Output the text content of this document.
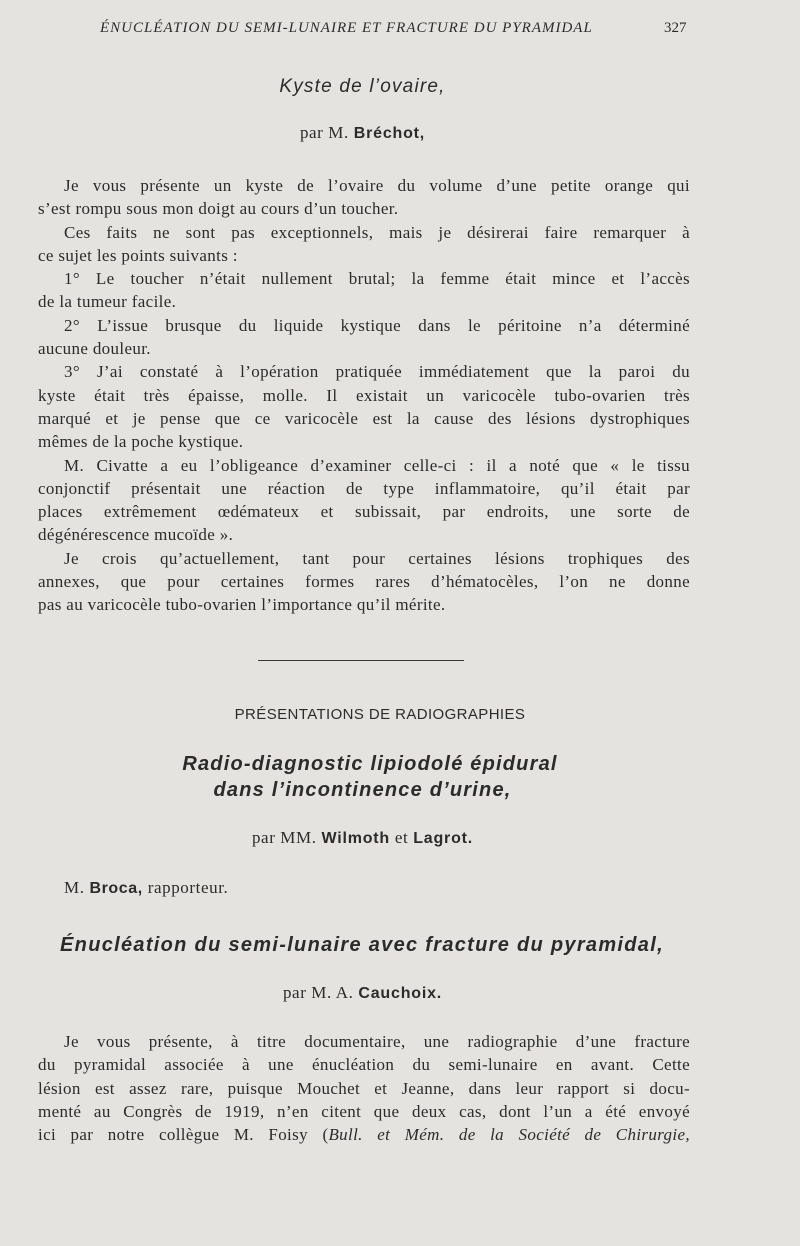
ÉNUCLÉATION DU SEMI-LUNAIRE ET FRACTURE DU PYRAMIDAL	327
Kyste de l’ovaire,
par M. Bréchot,
Je vous présente un kyste de l’ovaire du volume d’une petite orange qui
s’est rompu sous mon doigt au cours d’un toucher.
Ces faits ne sont pas exceptionnels, mais je désirerai faire remarquer à
ce sujet les points suivants :
1° Le toucher n’était nullement brutal; la femme était mince et l’accès
de la tumeur facile.
2° L’issue brusque du liquide kystique dans le péritoine n’a déterminé
aucune douleur.
3° J’ai constaté à l’opération pratiquée immédiatement que la paroi du
kyste était très épaisse, molle. Il existait un varicocèle tubo-ovarien très
marqué et je pense que ce varicocèle est la cause des lésions dystrophiques
mêmes de la poche kystique.
M. Civatte a eu l’obligeance d’examiner celle-ci : il a noté que « le tissu
conjonctif présentait une réaction de type inflammatoire, qu’il était par
places extrêmement œdémateux et subissait, par endroits, une sorte de
dégénérescence mucoïde ».
Je crois qu’actuellement, tant pour certaines lésions trophiques des
annexes, que pour certaines formes rares d’hématocèles, l’on ne donne
pas au varicocèle tubo-ovarien l’importance qu’il mérite.
PRÉSENTATIONS DE RADIOGRAPHIES
Radio-diagnostic lipiodolé épidural
dans l’incontinence d’urine,
par MM. Wilmoth et Lagrot.
M. Broca, rapporteur.
Énucléation du semi-lunaire avec fracture du pyramidal,
par M. A. Cauchoix.
Je vous présente, à titre documentaire, une radiographie d’une fracture
du pyramidal associée à une énucléation du semi-lunaire en avant. Cette
lésion est assez rare, puisque Mouchet et Jeanne, dans leur rapport si docu-
menté au Congrès de 1919, n’en citent que deux cas, dont l’un a été envoyé
ici par notre collègue M. Foisy (Bull. et Mém. de la Société de Chirurgie,
